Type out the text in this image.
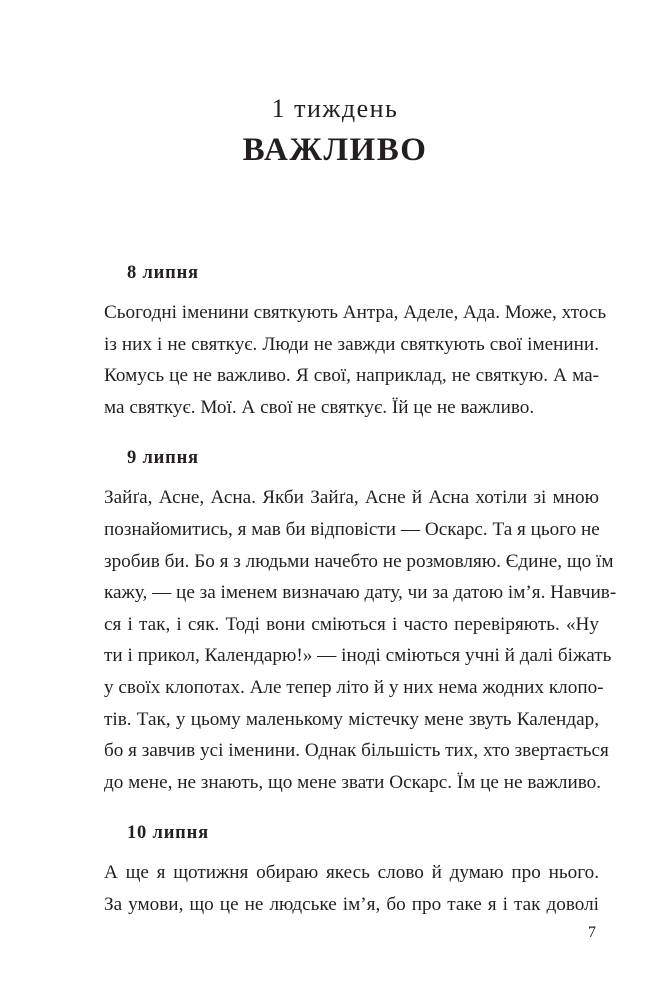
1 тиждень
ВАЖЛИВО
8 липня
Сьогодні іменини святкують Антра, Аделе, Ада. Може, хтось
із них і не святкує. Люди не завжди святкують свої іменини.
Комусь це не важливо. Я свої, наприклад, не святкую. А ма-
ма святкує. Мої. А свої не святкує. Їй це не важливо.
9 липня
Зайґа, Асне, Асна. Якби Зайґа, Асне й Асна хотіли зі мною
познайомитись, я мав би відповісти — Оскарс. Та я цього не
зробив би. Бо я з людьми начебто не розмовляю. Єдине, що їм
кажу, — це за іменем визначаю дату, чи за датою ім’я. Навчив-
ся і так, і сяк. Тоді вони сміються і часто перевіряють. «Ну
ти і прикол, Календарю!» — іноді сміються учні й далі біжать
у своїх клопотах. Але тепер літо й у них нема жодних клопо-
тів. Так, у цьому маленькому містечку мене звуть Календар,
бо я завчив усі іменини. Однак більшість тих, хто звертається
до мене, не знають, що мене звати Оскарс. Їм це не важливо.
10 липня
А ще я щотижня обираю якесь слово й думаю про нього.
За умови, що це не людське ім’я, бо про таке я і так доволі
7
